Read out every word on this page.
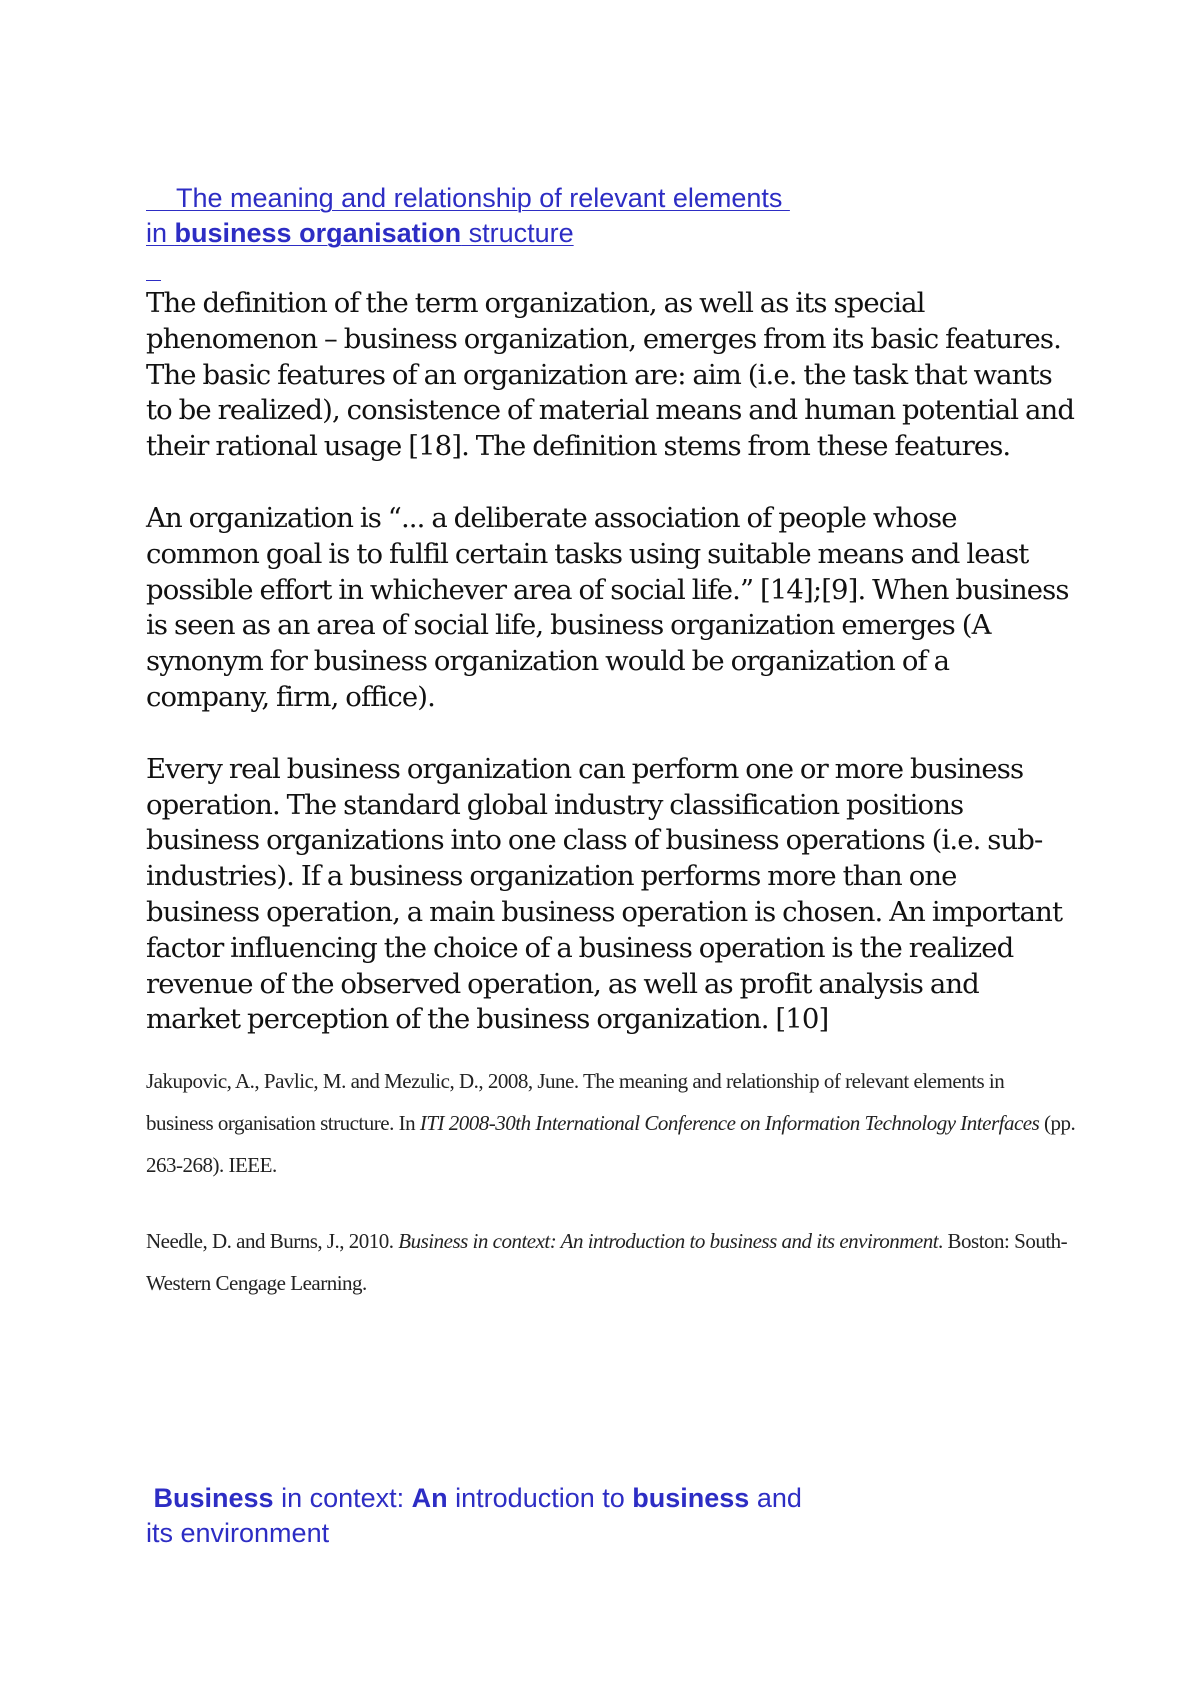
The meaning and relationship of relevant elements
in business organisation structure

The definition of the term organization, as well as its special phenomenon – business organization, emerges from its basic features. The basic features of an organization are: aim (i.e. the task that wants to be realized), consistence of material means and human potential and their rational usage [18]. The definition stems from these features.

An organization is “... a deliberate association of people whose common goal is to fulfil certain tasks using suitable means and least possible effort in whichever area of social life.” [14];[9]. When business is seen as an area of social life, business organization emerges (A synonym for business organization would be organization of a company, firm, office).

Every real business organization can perform one or more business operation. The standard global industry classification positions business organizations into one class of business operations (i.e. sub-industries). If a business organization performs more than one business operation, a main business operation is chosen. An important factor influencing the choice of a business operation is the realized revenue of the observed operation, as well as profit analysis and market perception of the business organization. [10]

Jakupovic, A., Pavlic, M. and Mezulic, D., 2008, June. The meaning and relationship of relevant elements in business organisation structure. In ITI 2008-30th International Conference on Information Technology Interfaces (pp. 263-268). IEEE.

Needle, D. and Burns, J., 2010. Business in context: An introduction to business and its environment. Boston: South-Western Cengage Learning.

Business in context: An introduction to business and
its environment
